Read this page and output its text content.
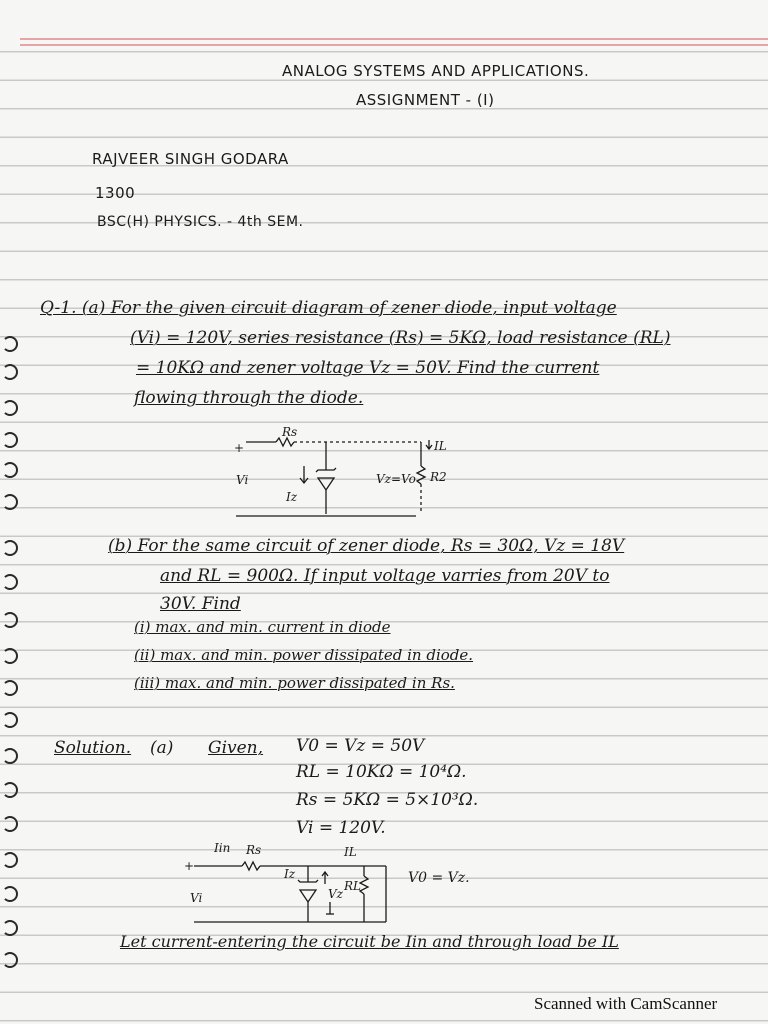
ANALOG SYSTEMS AND APPLICATIONS.
ASSIGNMENT - (I)
RAJVEER SINGH GODARA
1300
BSC(H) PHYSICS. - 4th SEM.
Q-1. (a) For the given circuit diagram of zener diode, input voltage
(Vi) = 120V, series resistance (Rs) = 5KΩ, load resistance (RL)
= 10KΩ and zener voltage Vz = 50V. Find the current
flowing through the diode.
+
Rs
IL
Vi
Iz
Vz=Vo R2
(b) For the same circuit of zener diode, Rs = 30Ω, Vz = 18V
and RL = 900Ω. If input voltage varries from 20V to
30V. Find
(i) max. and min. current in diode
(ii) max. and min. power dissipated in diode.
(iii) max. and min. power dissipated in Rs.
Solution. (a) Given, V0 = Vz = 50V
RL = 10KΩ = 10⁴Ω.
Rs = 5KΩ = 5×10³Ω.
Vi = 120V.
+
Iin Rs	IL
Iz
Vz
RL	V0 = Vz.
Vi
Let current-entering the circuit be Iin and through load be IL
Scanned with CamScanner
